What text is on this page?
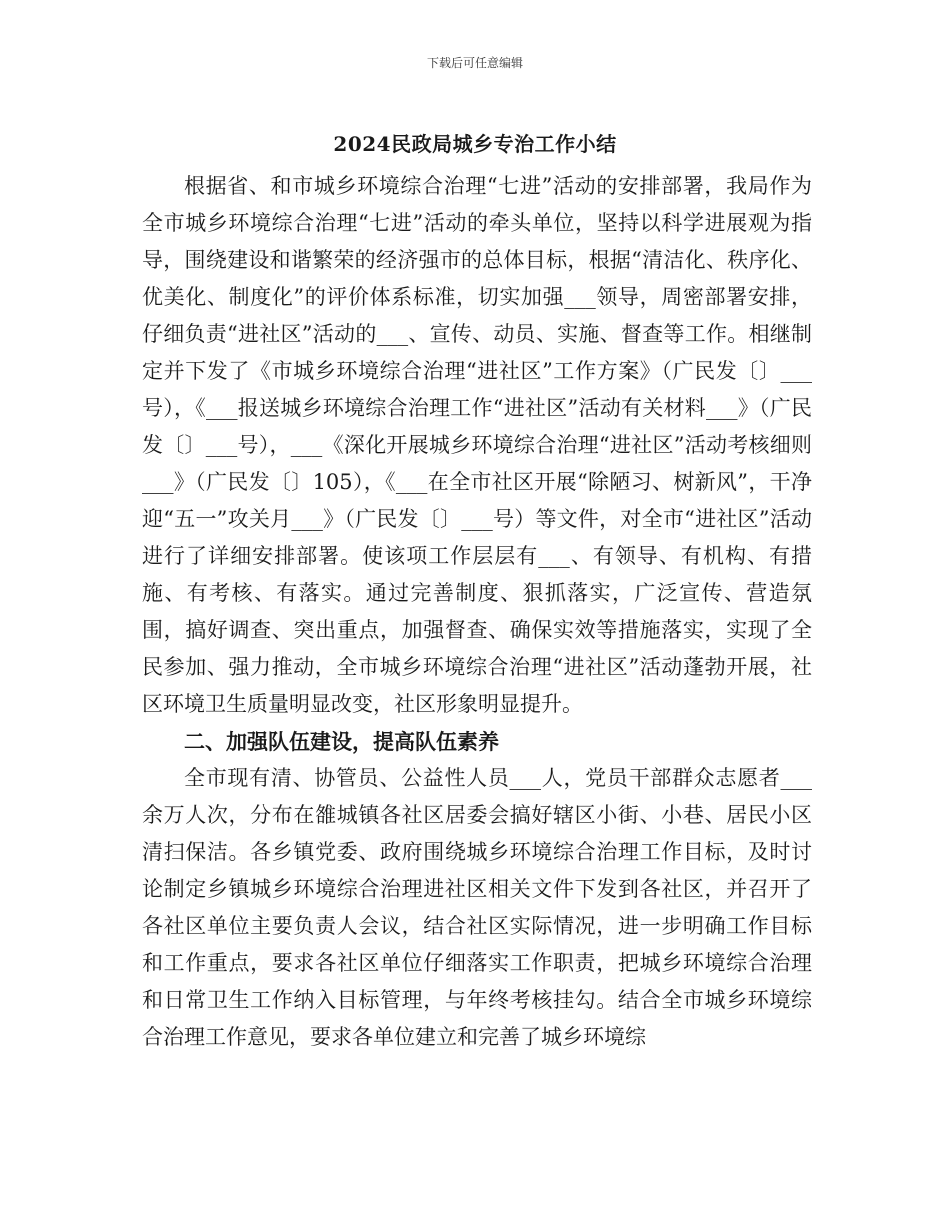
下载后可任意编辑
2024民政局城乡专治工作小结

根据省、和市城乡环境综合治理“七进”活动的安排部署，我局作为全市城乡环境综合治理“七进”活动的牵头单位，坚持以科学进展观为指导，围绕建设和谐繁荣的经济强市的总体目标，根据“清洁化、秩序化、优美化、制度化”的评价体系标准，切实加强___领导，周密部署安排，仔细负责“进社区”活动的___、宣传、动员、实施、督查等工作。相继制定并下发了《市城乡环境综合治理“进社区”工作方案》（广民发〔〕___号），《___报送城乡环境综合治理工作“进社区”活动有关材料___》（广民发〔〕___号），___《深化开展城乡环境综合治理“进社区”活动考核细则___》（广民发〔〕105），《___在全市社区开展“除陋习、树新风”，干净迎“五一”攻关月___》（广民发〔〕___号）等文件，对全市“进社区”活动进行了详细安排部署。使该项工作层层有___、有领导、有机构、有措施、有考核、有落实。通过完善制度、狠抓落实，广泛宣传、营造氛围，搞好调查、突出重点，加强督查、确保实效等措施落实，实现了全民参加、强力推动，全市城乡环境综合治理“进社区”活动蓬勃开展，社区环境卫生质量明显改变，社区形象明显提升。

二、加强队伍建设，提高队伍素养

全市现有清、协管员、公益性人员___人，党员干部群众志愿者___余万人次，分布在雒城镇各社区居委会搞好辖区小街、小巷、居民小区清扫保洁。各乡镇党委、政府围绕城乡环境综合治理工作目标，及时讨论制定乡镇城乡环境综合治理进社区相关文件下发到各社区，并召开了各社区单位主要负责人会议，结合社区实际情况，进一步明确工作目标和工作重点，要求各社区单位仔细落实工作职责，把城乡环境综合治理和日常卫生工作纳入目标管理，与年终考核挂勾。结合全市城乡环境综合治理工作意见，要求各单位建立和完善了城乡环境综
